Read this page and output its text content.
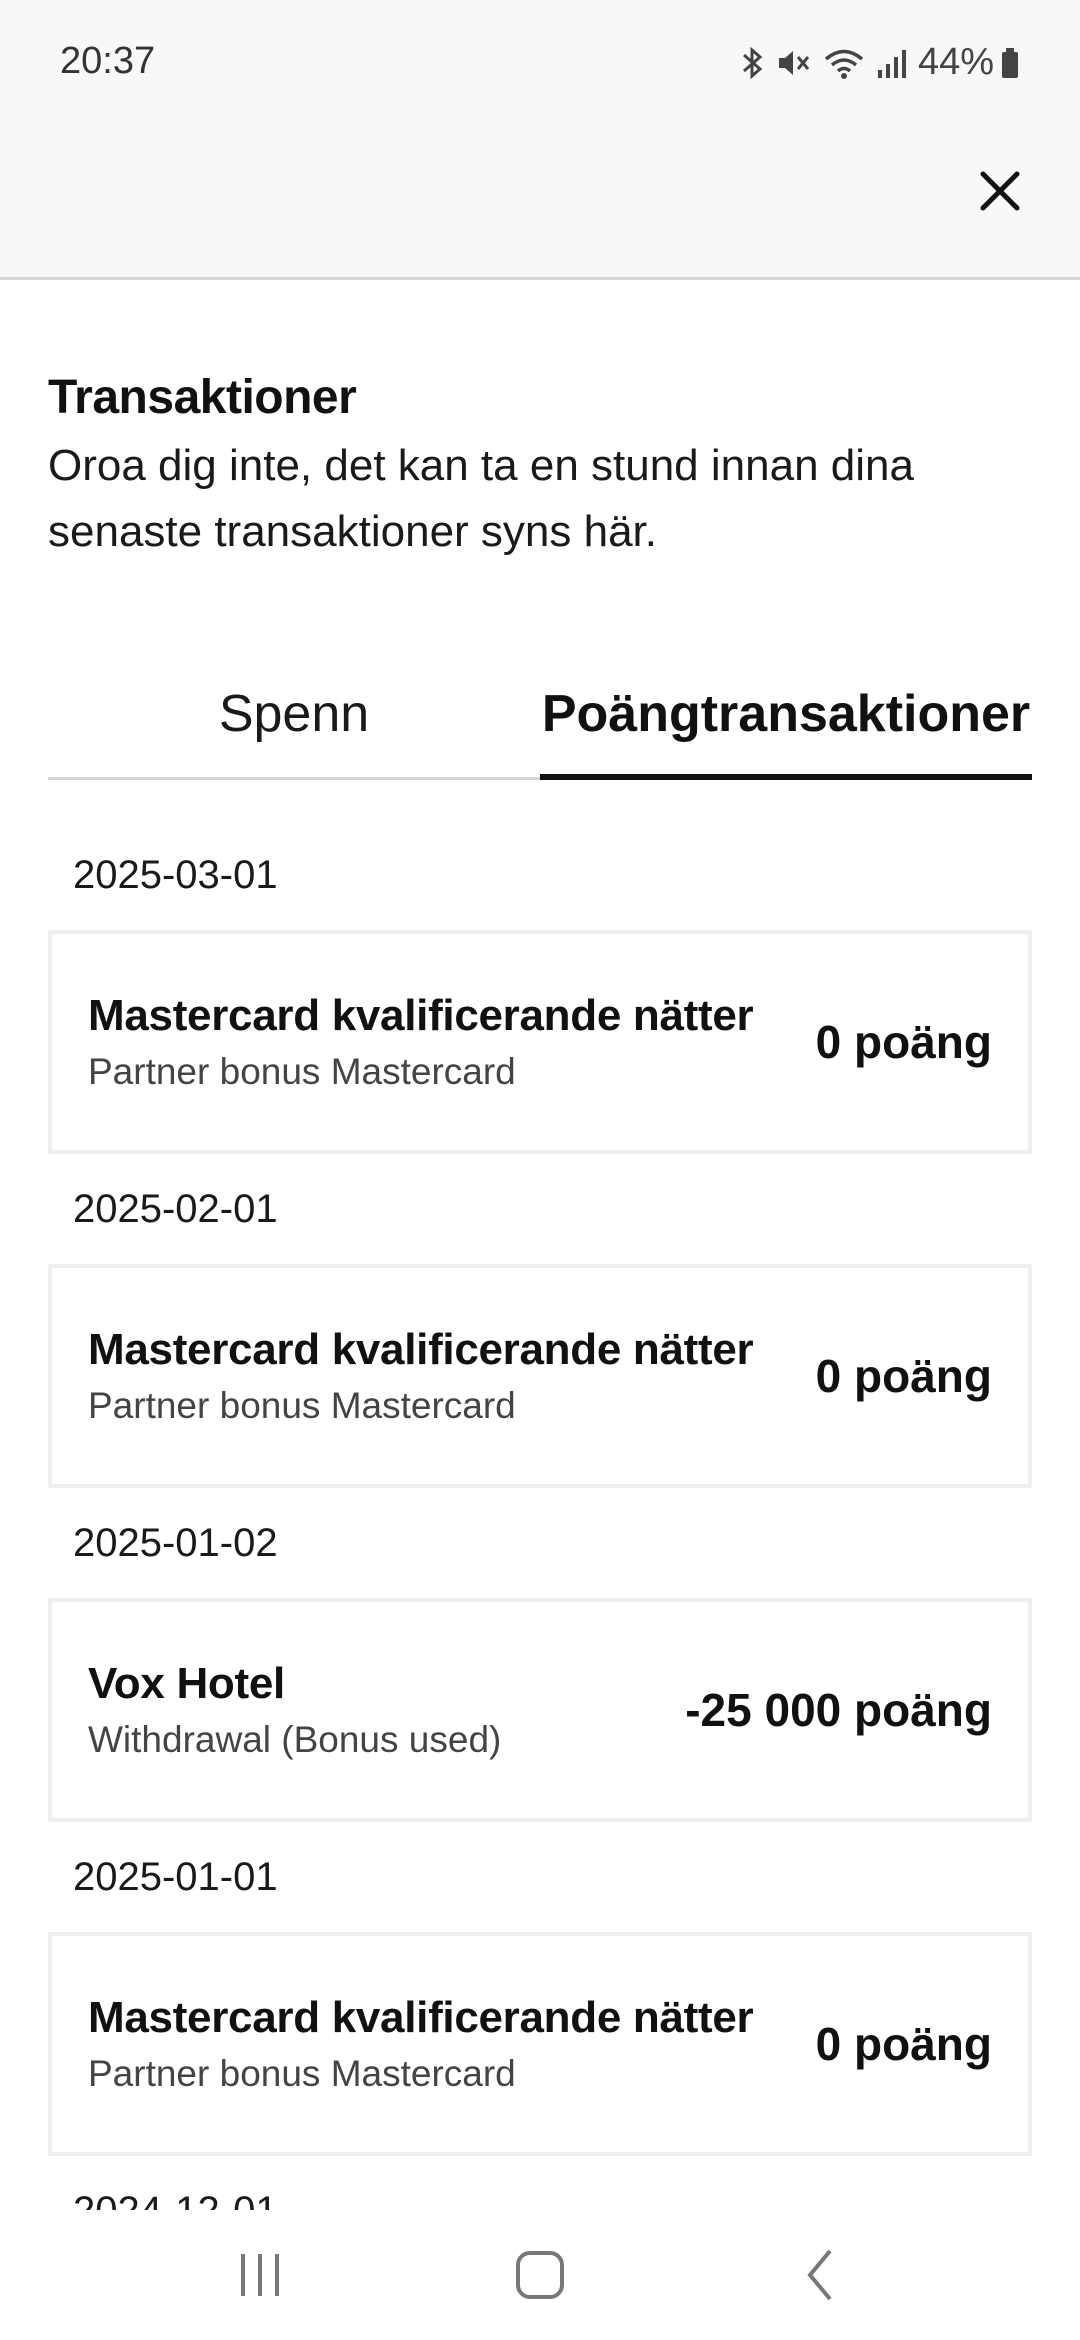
20:37	44%
Transaktioner
Oroa dig inte, det kan ta en stund innan dina senaste transaktioner syns här.
Spenn	Poängtransaktioner
2025-03-01
Mastercard kvalificerande nätter
Partner bonus Mastercard
0 poäng
2025-02-01
Mastercard kvalificerande nätter
Partner bonus Mastercard
0 poäng
2025-01-02
Vox Hotel
Withdrawal (Bonus used)
-25 000 poäng
2025-01-01
Mastercard kvalificerande nätter
Partner bonus Mastercard
0 poäng
